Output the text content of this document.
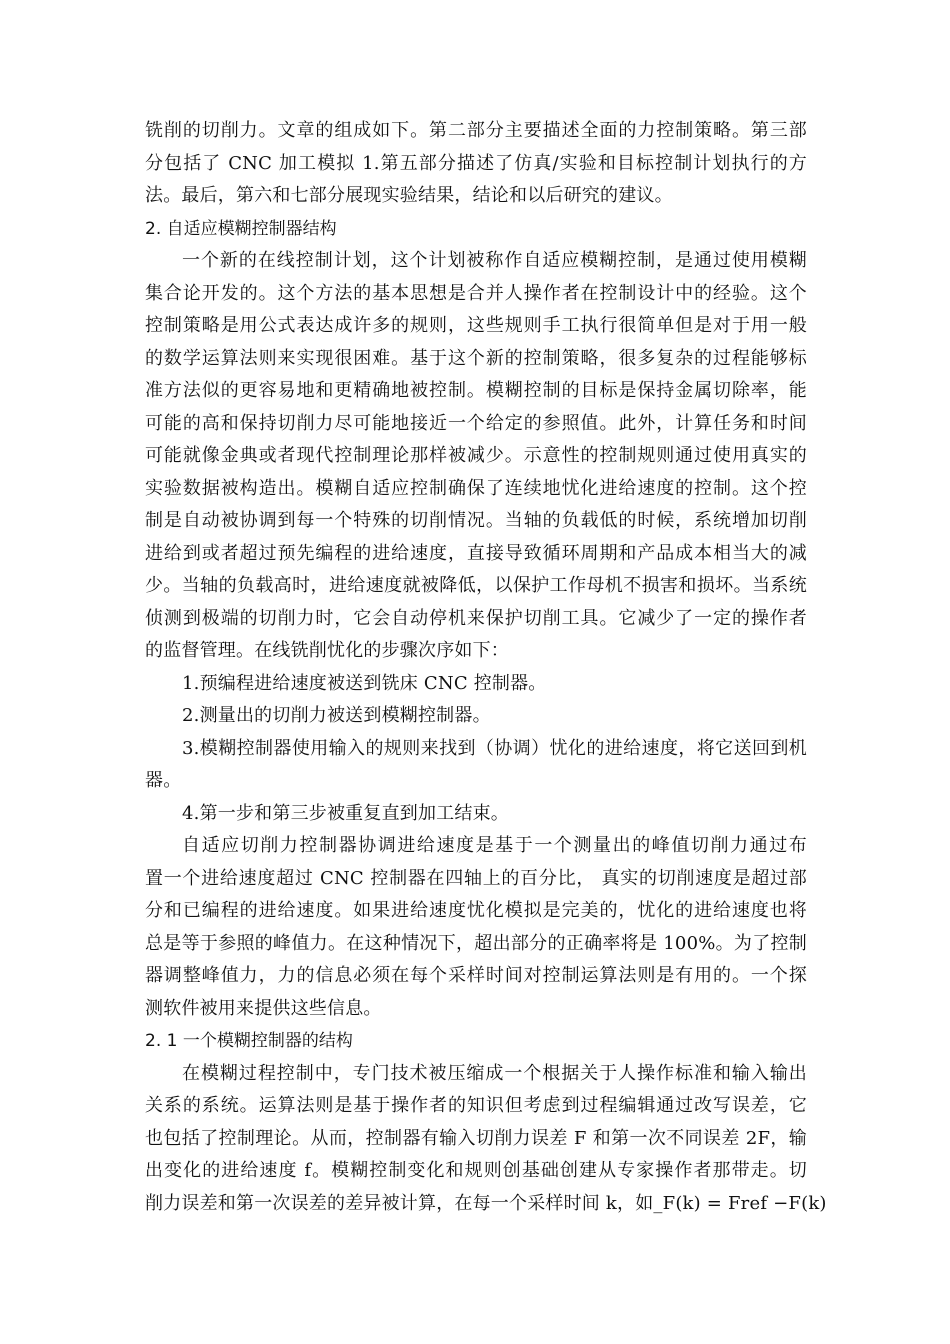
铣削的切削力。文章的组成如下。第二部分主要描述全面的力控制策略。第三部
分包括了 CNC 加工模拟 1.第五部分描述了仿真/实验和目标控制计划执行的方
法。最后，第六和七部分展现实验结果，结论和以后研究的建议。
2. 自适应模糊控制器结构
一个新的在线控制计划，这个计划被称作自适应模糊控制，是通过使用模糊
集合论开发的。这个方法的基本思想是合并人操作者在控制设计中的经验。这个
控制策略是用公式表达成许多的规则，这些规则手工执行很简单但是对于用一般
的数学运算法则来实现很困难。基于这个新的控制策略，很多复杂的过程能够标
准方法似的更容易地和更精确地被控制。模糊控制的目标是保持金属切除率，能
可能的高和保持切削力尽可能地接近一个给定的参照值。此外，计算任务和时间
可能就像金典或者现代控制理论那样被减少。示意性的控制规则通过使用真实的
实验数据被构造出。模糊自适应控制确保了连续地忧化进给速度的控制。这个控
制是自动被协调到每一个特殊的切削情况。当轴的负载低的时候，系统增加切削
进给到或者超过预先编程的进给速度，直接导致循环周期和产品成本相当大的减
少。当轴的负载高时，进给速度就被降低，以保护工作母机不损害和损坏。当系统
侦测到极端的切削力时，它会自动停机来保护切削工具。它减少了一定的操作者
的监督管理。在线铣削忧化的步骤次序如下：
1.预编程进给速度被送到铣床 CNC 控制器。
2.测量出的切削力被送到模糊控制器。
3.模糊控制器使用输入的规则来找到（协调）忧化的进给速度，将它送回到机
器。
4.第一步和第三步被重复直到加工结束。
自适应切削力控制器协调进给速度是基于一个测量出的峰值切削力通过布
置一个进给速度超过 CNC 控制器在四轴上的百分比， 真实的切削速度是超过部
分和已编程的进给速度。如果进给速度忧化模拟是完美的，忧化的进给速度也将
总是等于参照的峰值力。在这种情况下，超出部分的正确率将是 100%。为了控制
器调整峰值力，力的信息必须在每个采样时间对控制运算法则是有用的。一个探
测软件被用来提供这些信息。
2. 1 一个模糊控制器的结构
在模糊过程控制中，专门技术被压缩成一个根据关于人操作标准和输入输出
关系的系统。运算法则是基于操作者的知识但考虑到过程编辑通过改写误差，它
也包括了控制理论。从而，控制器有输入切削力误差 F 和第一次不同误差 2F，输
出变化的进给速度 f。模糊控制变化和规则创基础创建从专家操作者那带走。切
削力误差和第一次误差的差异被计算，在每一个采样时间 k，如_F(k) = Fref −F(k)
